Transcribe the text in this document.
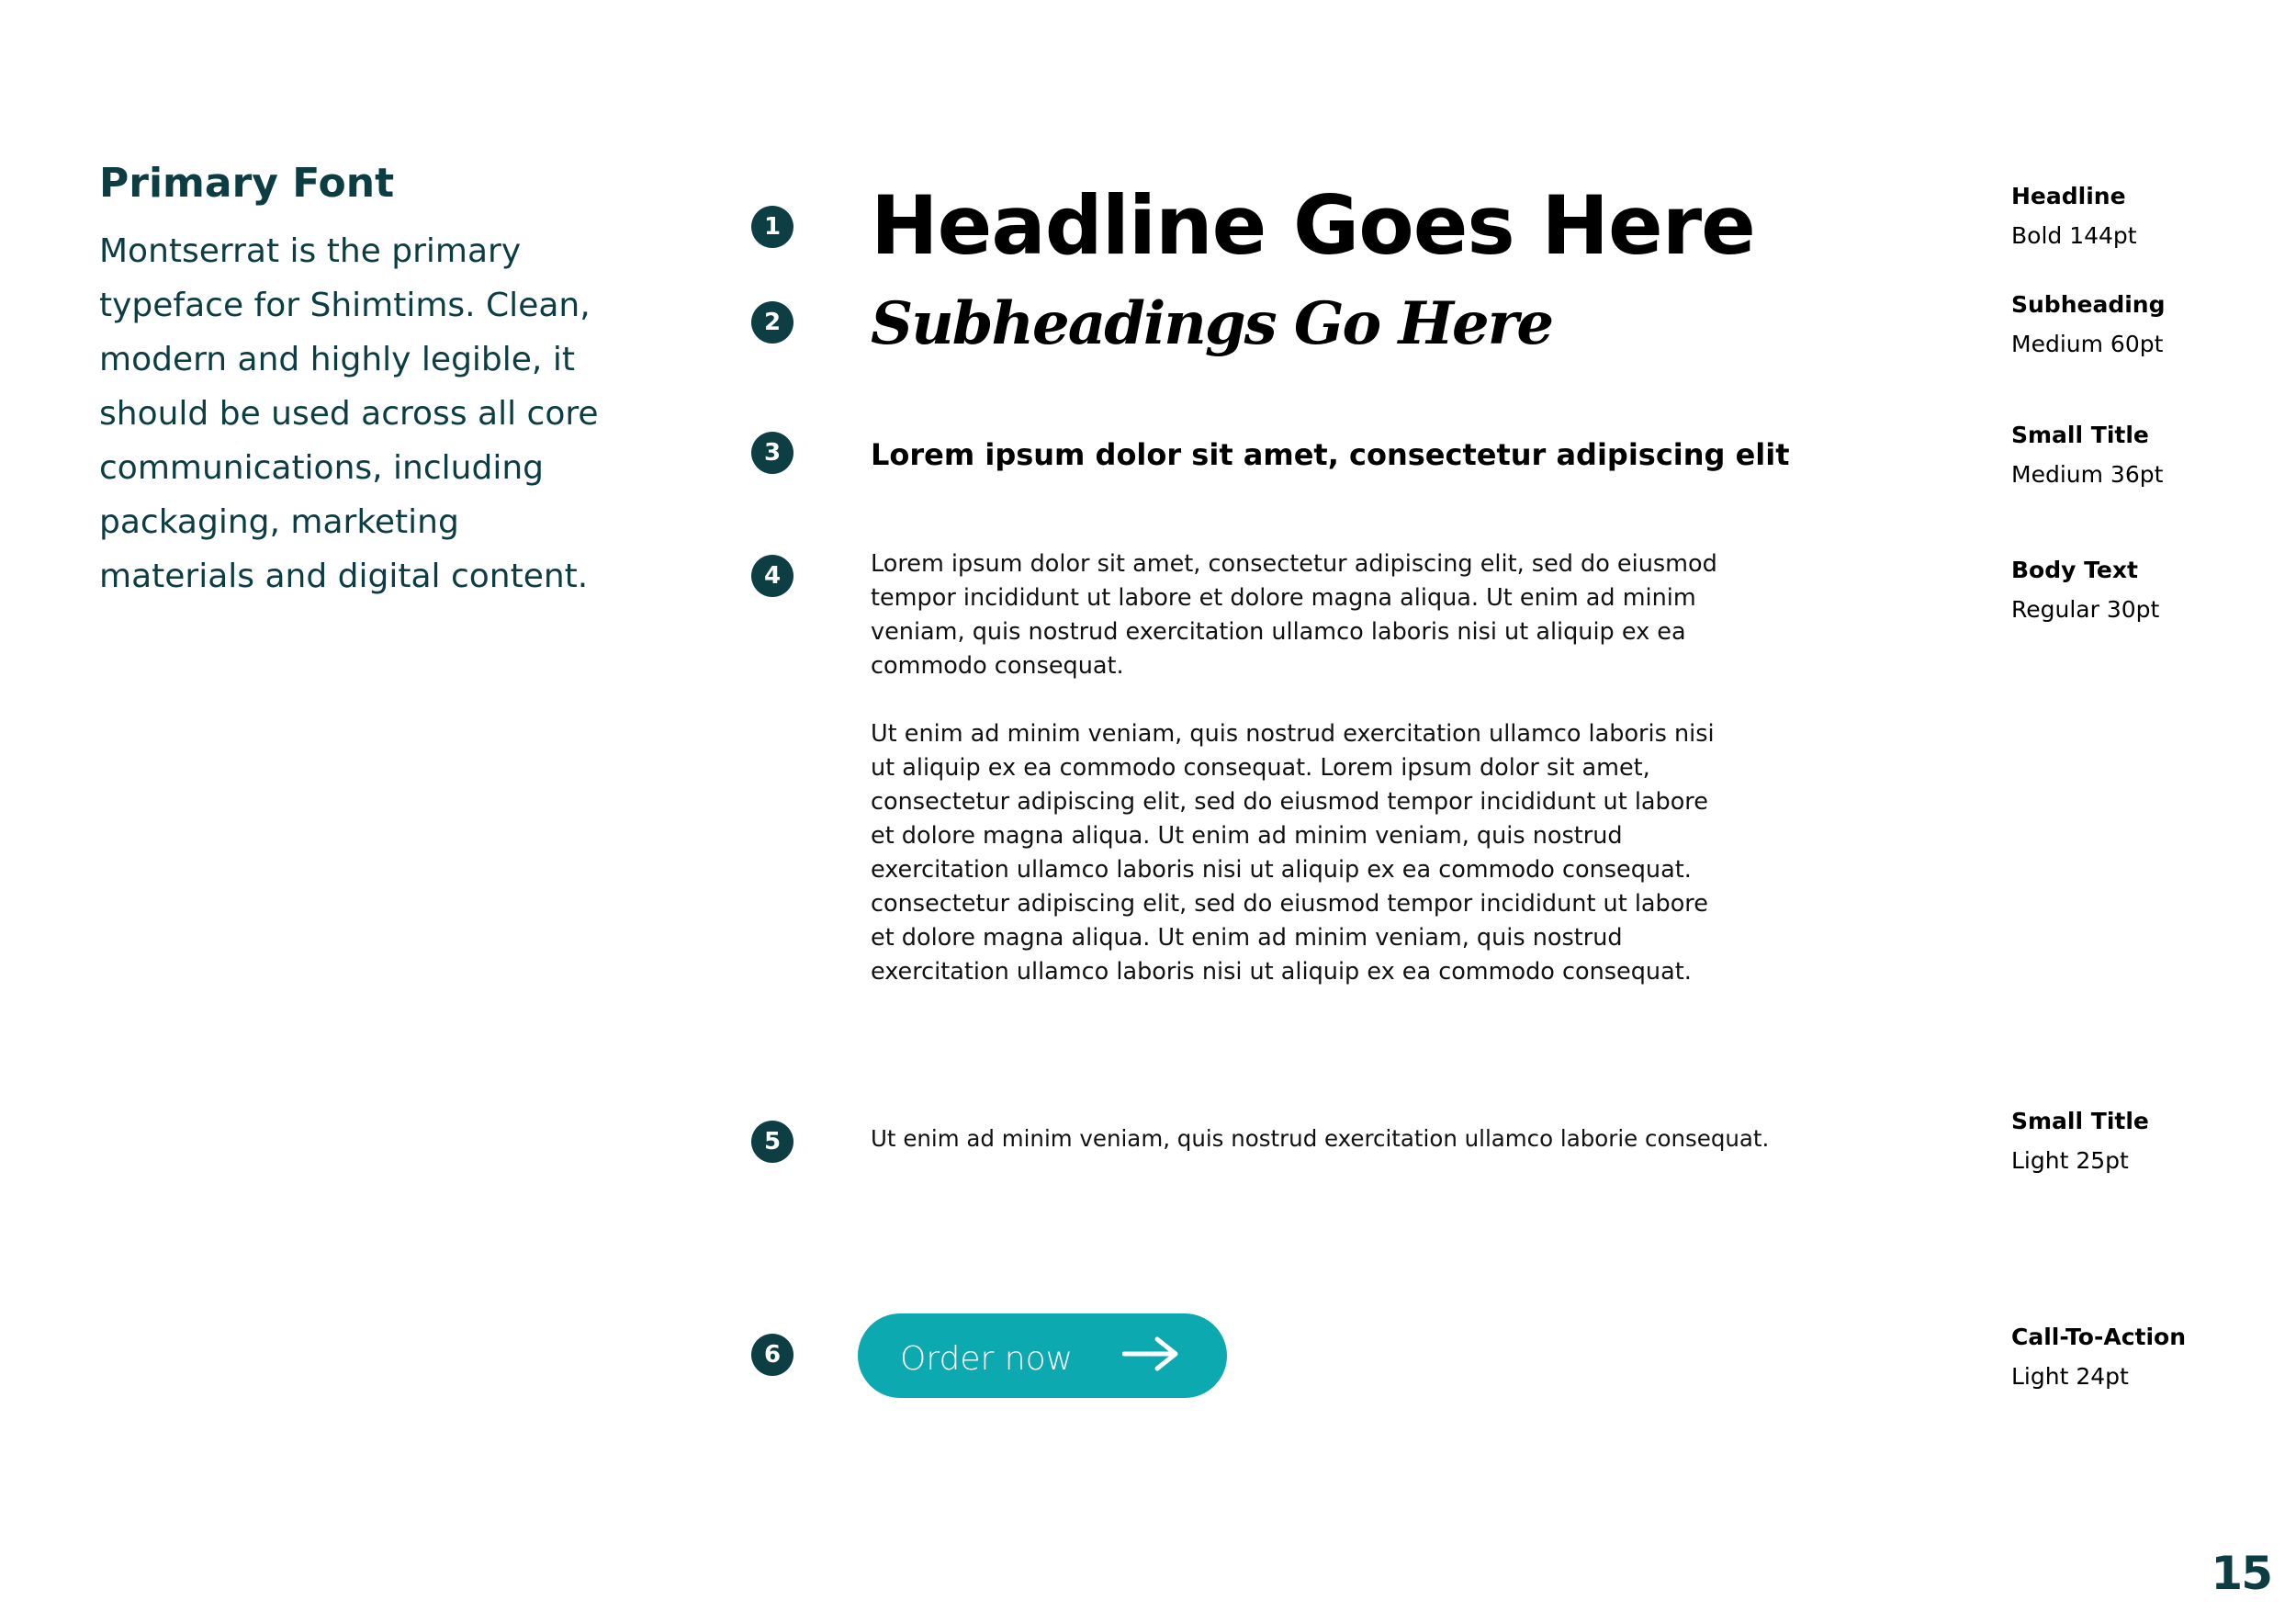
Primary Font

Montserrat is the primary typeface for Shimtims. Clean, modern and highly legible, it should be used across all core communications, including packaging, marketing materials and digital content.

1
2
3
4
5
6
Headline Goes Here
Subheadings Go Here
Lorem ipsum dolor sit amet, consectetur adipiscing elit

Lorem ipsum dolor sit amet, consectetur adipiscing elit, sed do eiusmod tempor incididunt ut labore et dolore magna aliqua. Ut enim ad minim veniam, quis nostrud exercitation ullamco laboris nisi ut aliquip ex ea commodo consequat.

Ut enim ad minim veniam, quis nostrud exercitation ullamco laboris nisi ut aliquip ex ea commodo consequat. Lorem ipsum dolor sit amet, consectetur adipiscing elit, sed do eiusmod tempor incididunt ut labore et dolore magna aliqua. Ut enim ad minim veniam, quis nostrud exercitation ullamco laboris nisi ut aliquip ex ea commodo consequat. consectetur adipiscing elit, sed do eiusmod tempor incididunt ut labore et dolore magna aliqua. Ut enim ad minim veniam, quis nostrud exercitation ullamco laboris nisi ut aliquip ex ea commodo consequat.

Ut enim ad minim veniam, quis nostrud exercitation ullamco laborie consequat.
Order now
Headline
Bold 144pt
Subheading
Medium 60pt
Small Title
Medium 36pt
Body Text
Regular 30pt
Small Title
Light 25pt
Call-To-Action
Light 24pt
15
